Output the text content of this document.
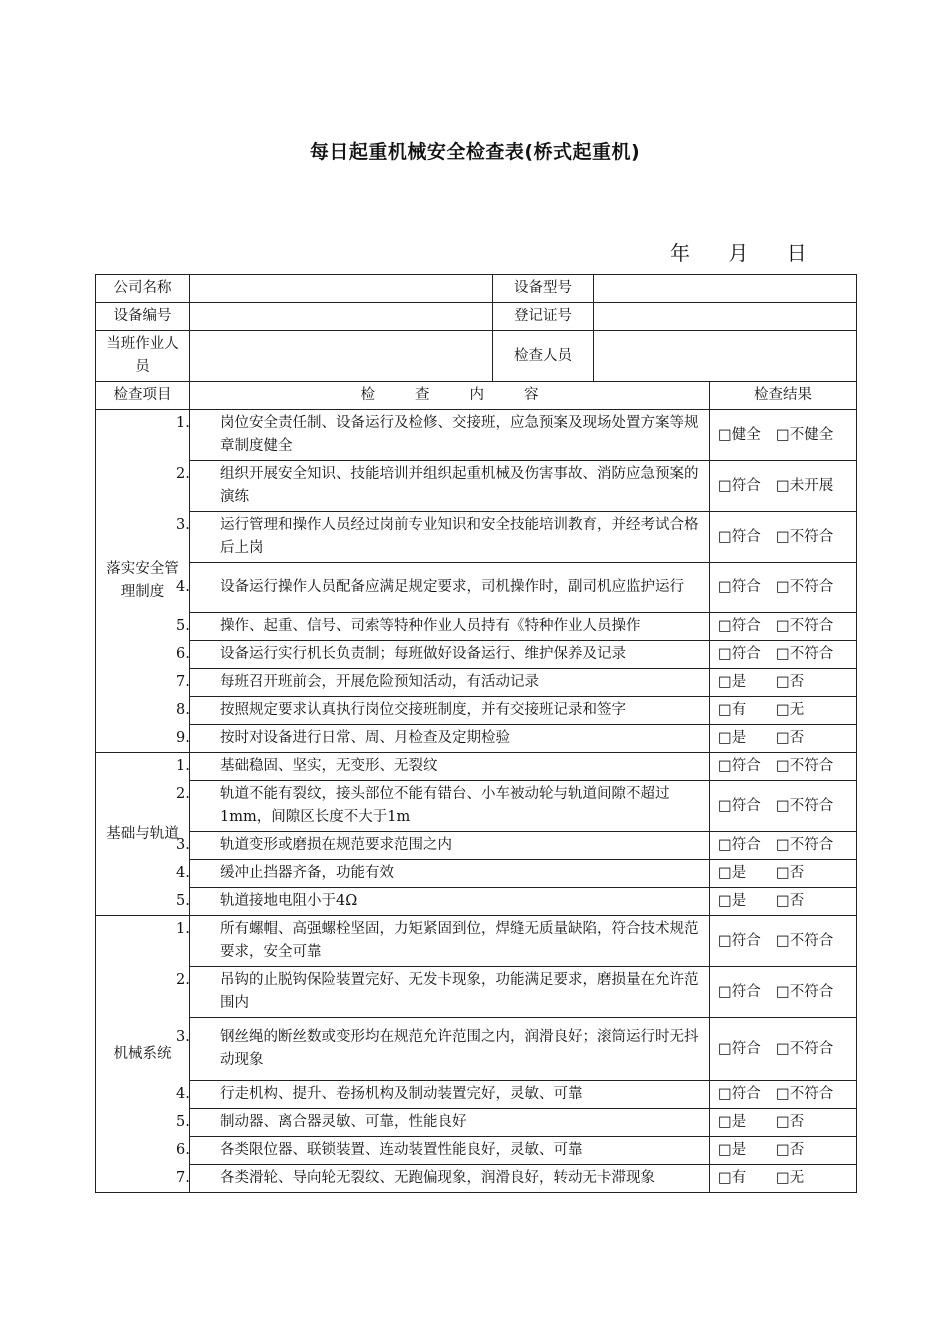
每日起重机械安全检查表(桥式起重机)
年 月 日
公司名称		设备型号		
设备编号		登记证号		
当班作业人员		检查人员		
检查项目	检 查 内 容			检查结果
落实安全管理制度	1. 岗位安全责任制、设备运行及检修、交接班，应急预案及现场处置方案等规章制度健全			□健全 □不健全
	2. 组织开展安全知识、技能培训并组织起重机械及伤害事故、消防应急预案的演练			□符合 □未开展
	3. 运行管理和操作人员经过岗前专业知识和安全技能培训教育，并经考试合格后上岗			□符合 □不符合
	4. 设备运行操作人员配备应满足规定要求，司机操作时，副司机应监护运行			□符合 □不符合
	5. 操作、起重、信号、司索等特种作业人员持有《特种作业人员操作			□符合 □不符合
	6. 设备运行实行机长负责制；每班做好设备运行、维护保养及记录			□符合 □不符合
	7. 每班召开班前会，开展危险预知活动，有活动记录			□是 □否
	8. 按照规定要求认真执行岗位交接班制度，并有交接班记录和签字			□有 □无
	9. 按时对设备进行日常、周、月检查及定期检验			□是 □否
基础与轨道	1. 基础稳固、坚实，无变形、无裂纹			□符合 □不符合
	2. 轨道不能有裂纹，接头部位不能有错台、小车被动轮与轨道间隙不超过1mm，间隙区长度不大于1m			□符合 □不符合
	3. 轨道变形或磨损在规范要求范围之内			□符合 □不符合
	4. 缓冲止挡器齐备，功能有效			□是 □否
	5. 轨道接地电阻小于4Ω			□是 □否
机械系统	1. 所有螺帽、高强螺栓坚固，力矩紧固到位，焊缝无质量缺陷，符合技术规范要求，安全可靠			□符合 □不符合
	2. 吊钩的止脱钩保险装置完好、无发卡现象，功能满足要求，磨损量在允许范围内			□符合 □不符合
	3. 钢丝绳的断丝数或变形均在规范允许范围之内，润滑良好；滚筒运行时无抖动现象			□符合 □不符合
	4. 行走机构、提升、卷扬机构及制动装置完好，灵敏、可靠			□符合 □不符合
	5. 制动器、离合器灵敏、可靠，性能良好			□是 □否
	6. 各类限位器、联锁装置、连动装置性能良好，灵敏、可靠			□是 □否
	7. 各类滑轮、导向轮无裂纹、无跑偏现象，润滑良好，转动无卡滞现象			□有 □无
